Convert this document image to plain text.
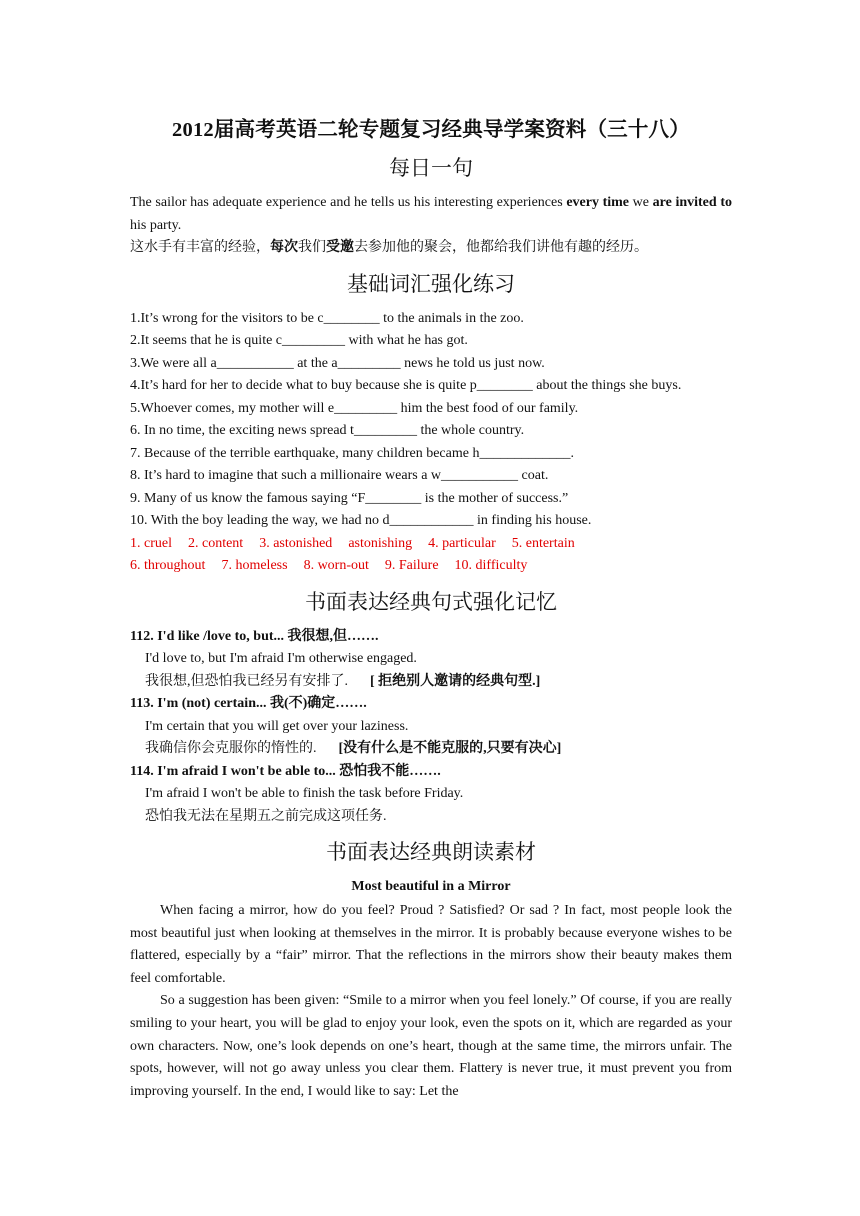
2012届高考英语二轮专题复习经典导学案资料（三十八）
每日一句

The sailor has adequate experience and he tells us his interesting experiences every time we are invited to his party.

这水手有丰富的经验，每次我们受邀去参加他的聚会，他都给我们讲他有趣的经历。

基础词汇强化练习

1.It’s wrong for the visitors to be c________ to the animals in the zoo.

2.It seems that he is quite c_________ with what he has got.

3.We were all a___________ at the a_________ news he told us just now.

4.It’s hard for her to decide what to buy because she is quite p________ about the things she buys.

5.Whoever comes, my mother will e_________ him the best food of our family.

6. In no time, the exciting news spread t_________ the whole country.

7. Because of the terrible earthquake, many children became h_____________.

8. It’s hard to imagine that such a millionaire wears a w___________ coat.

9. Many of us know the famous saying “F________ is the mother of success.”

10. With the boy leading the way, we had no d____________ in finding his house.

1. cruel 2. content 3. astonished astonishing 4. particular 5. entertain

6. throughout 7. homeless 8. worn-out 9. Failure 10. difficulty

书面表达经典句式强化记忆

112. I'd like /love to, but... 我很想,但…….

I'd love to, but I'm afraid I'm otherwise engaged.

我很想,但恐怕我已经另有安排了. [ 拒绝别人邀请的经典句型.]

113. I'm (not) certain... 我(不)确定…….

I'm certain that you will get over your laziness.

我确信你会克服你的惰性的. [没有什么是不能克服的,只要有决心]

114. I'm afraid I won't be able to... 恐怕我不能…….

I'm afraid I won't be able to finish the task before Friday.

恐怕我无法在星期五之前完成这项任务.

书面表达经典朗读素材
Most beautiful in a Mirror

When facing a mirror, how do you feel? Proud ? Satisfied? Or sad ? In fact, most people look the most beautiful just when looking at themselves in the mirror. It is probably because everyone wishes to be flattered, especially by a “fair” mirror. That the reflections in the mirrors show their beauty makes them feel comfortable.

So a suggestion has been given: “Smile to a mirror when you feel lonely.” Of course, if you are really smiling to your heart, you will be glad to enjoy your look, even the spots on it, which are regarded as your own characters. Now, one’s look depends on one’s heart, though at the same time, the mirrors unfair. The spots, however, will not go away unless you clear them. Flattery is never true, it must prevent you from improving yourself. In the end, I would like to say: Let the
